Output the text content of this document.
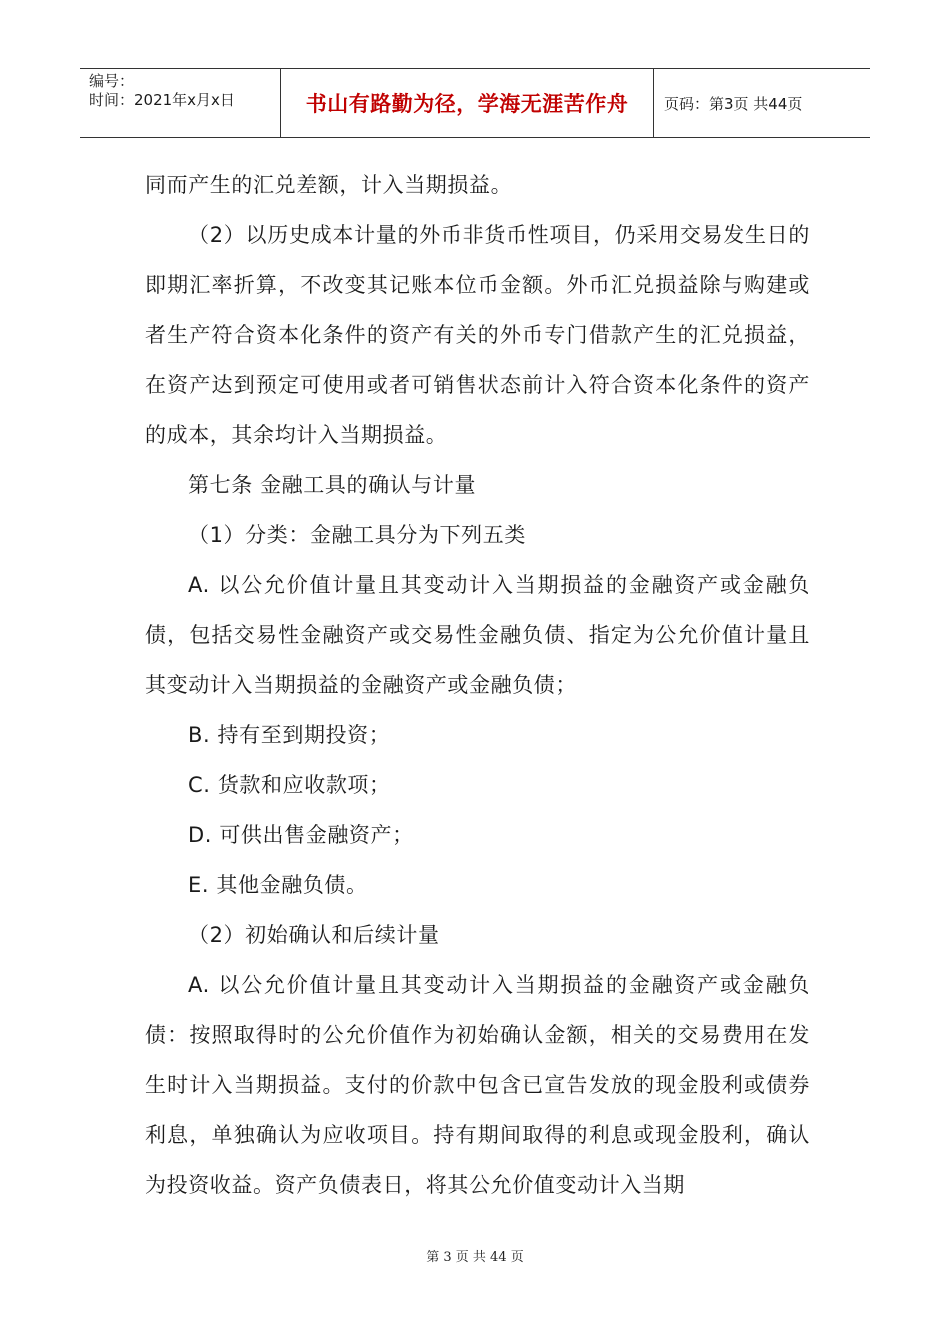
编号：
时间：2021年x月x日	书山有路勤为径，学海无涯苦作舟 页码：第3页 共44页

同而产生的汇兑差额，计入当期损益。

（2）以历史成本计量的外币非货币性项目，仍采用交易发生日的即期汇率折算，不改变其记账本位币金额。外币汇兑损益除与购建或者生产符合资本化条件的资产有关的外币专门借款产生的汇兑损益，在资产达到预定可使用或者可销售状态前计入符合资本化条件的资产的成本，其余均计入当期损益。

第七条 金融工具的确认与计量

（1）分类：金融工具分为下列五类

A. 以公允价值计量且其变动计入当期损益的金融资产或金融负债，包括交易性金融资产或交易性金融负债、指定为公允价值计量且其变动计入当期损益的金融资产或金融负债；

B. 持有至到期投资；

C. 货款和应收款项；

D. 可供出售金融资产；

E. 其他金融负债。

（2）初始确认和后续计量

A. 以公允价值计量且其变动计入当期损益的金融资产或金融负债：按照取得时的公允价值作为初始确认金额，相关的交易费用在发生时计入当期损益。支付的价款中包含已宣告发放的现金股利或债券利息，单独确认为应收项目。持有期间取得的利息或现金股利，确认为投资收益。资产负债表日，将其公允价值变动计入当期

第 3 页 共 44 页
